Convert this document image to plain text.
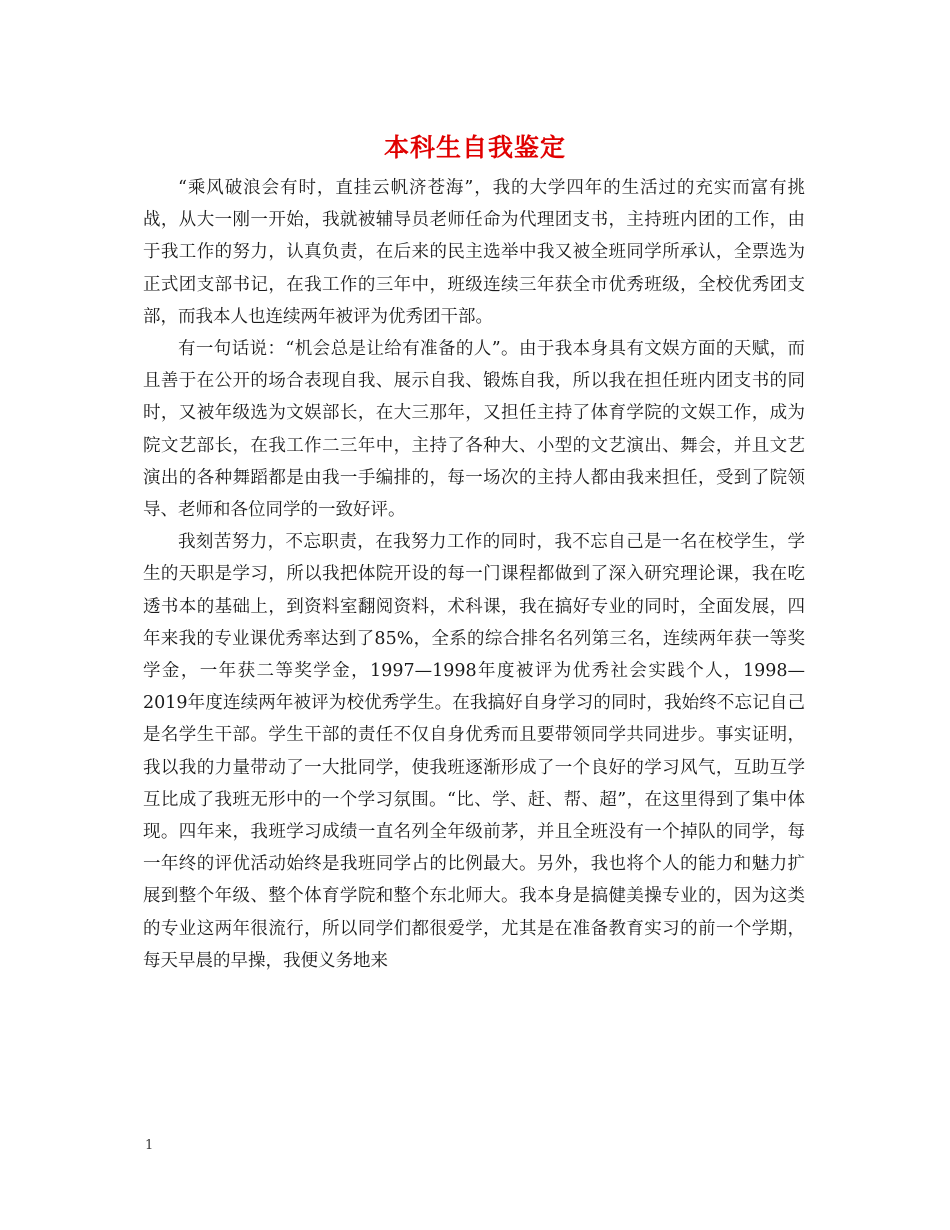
本科生自我鉴定

“乘风破浪会有时，直挂云帆济苍海”，我的大学四年的生活过的充实而富有挑战，从大一刚一开始，我就被辅导员老师任命为代理团支书，主持班内团的工作，由于我工作的努力，认真负责，在后来的民主选举中我又被全班同学所承认，全票选为正式团支部书记，在我工作的三年中，班级连续三年获全市优秀班级，全校优秀团支部，而我本人也连续两年被评为优秀团干部。

有一句话说：“机会总是让给有准备的人”。由于我本身具有文娱方面的天赋，而且善于在公开的场合表现自我、展示自我、锻炼自我，所以我在担任班内团支书的同时，又被年级选为文娱部长，在大三那年，又担任主持了体育学院的文娱工作，成为院文艺部长，在我工作二三年中，主持了各种大、小型的文艺演出、舞会，并且文艺演出的各种舞蹈都是由我一手编排的，每一场次的主持人都由我来担任，受到了院领导、老师和各位同学的一致好评。

我刻苦努力，不忘职责，在我努力工作的同时，我不忘自己是一名在校学生，学生的天职是学习，所以我把体院开设的每一门课程都做到了深入研究理论课，我在吃透书本的基础上，到资料室翻阅资料，术科课，我在搞好专业的同时，全面发展，四年来我的专业课优秀率达到了85%，全系的综合排名名列第三名，连续两年获一等奖学金，一年获二等奖学金，1997—1998年度被评为优秀社会实践个人，1998—2019年度连续两年被评为校优秀学生。在我搞好自身学习的同时，我始终不忘记自己是名学生干部。学生干部的责任不仅自身优秀而且要带领同学共同进步。事实证明，我以我的力量带动了一大批同学，使我班逐渐形成了一个良好的学习风气，互助互学互比成了我班无形中的一个学习氛围。“比、学、赶、帮、超”，在这里得到了集中体现。四年来，我班学习成绩一直名列全年级前茅，并且全班没有一个掉队的同学，每一年终的评优活动始终是我班同学占的比例最大。另外，我也将个人的能力和魅力扩展到整个年级、整个体育学院和整个东北师大。我本身是搞健美操专业的，因为这类的专业这两年很流行，所以同学们都很爱学，尤其是在准备教育实习的前一个学期，每天早晨的早操，我便义务地来

1
